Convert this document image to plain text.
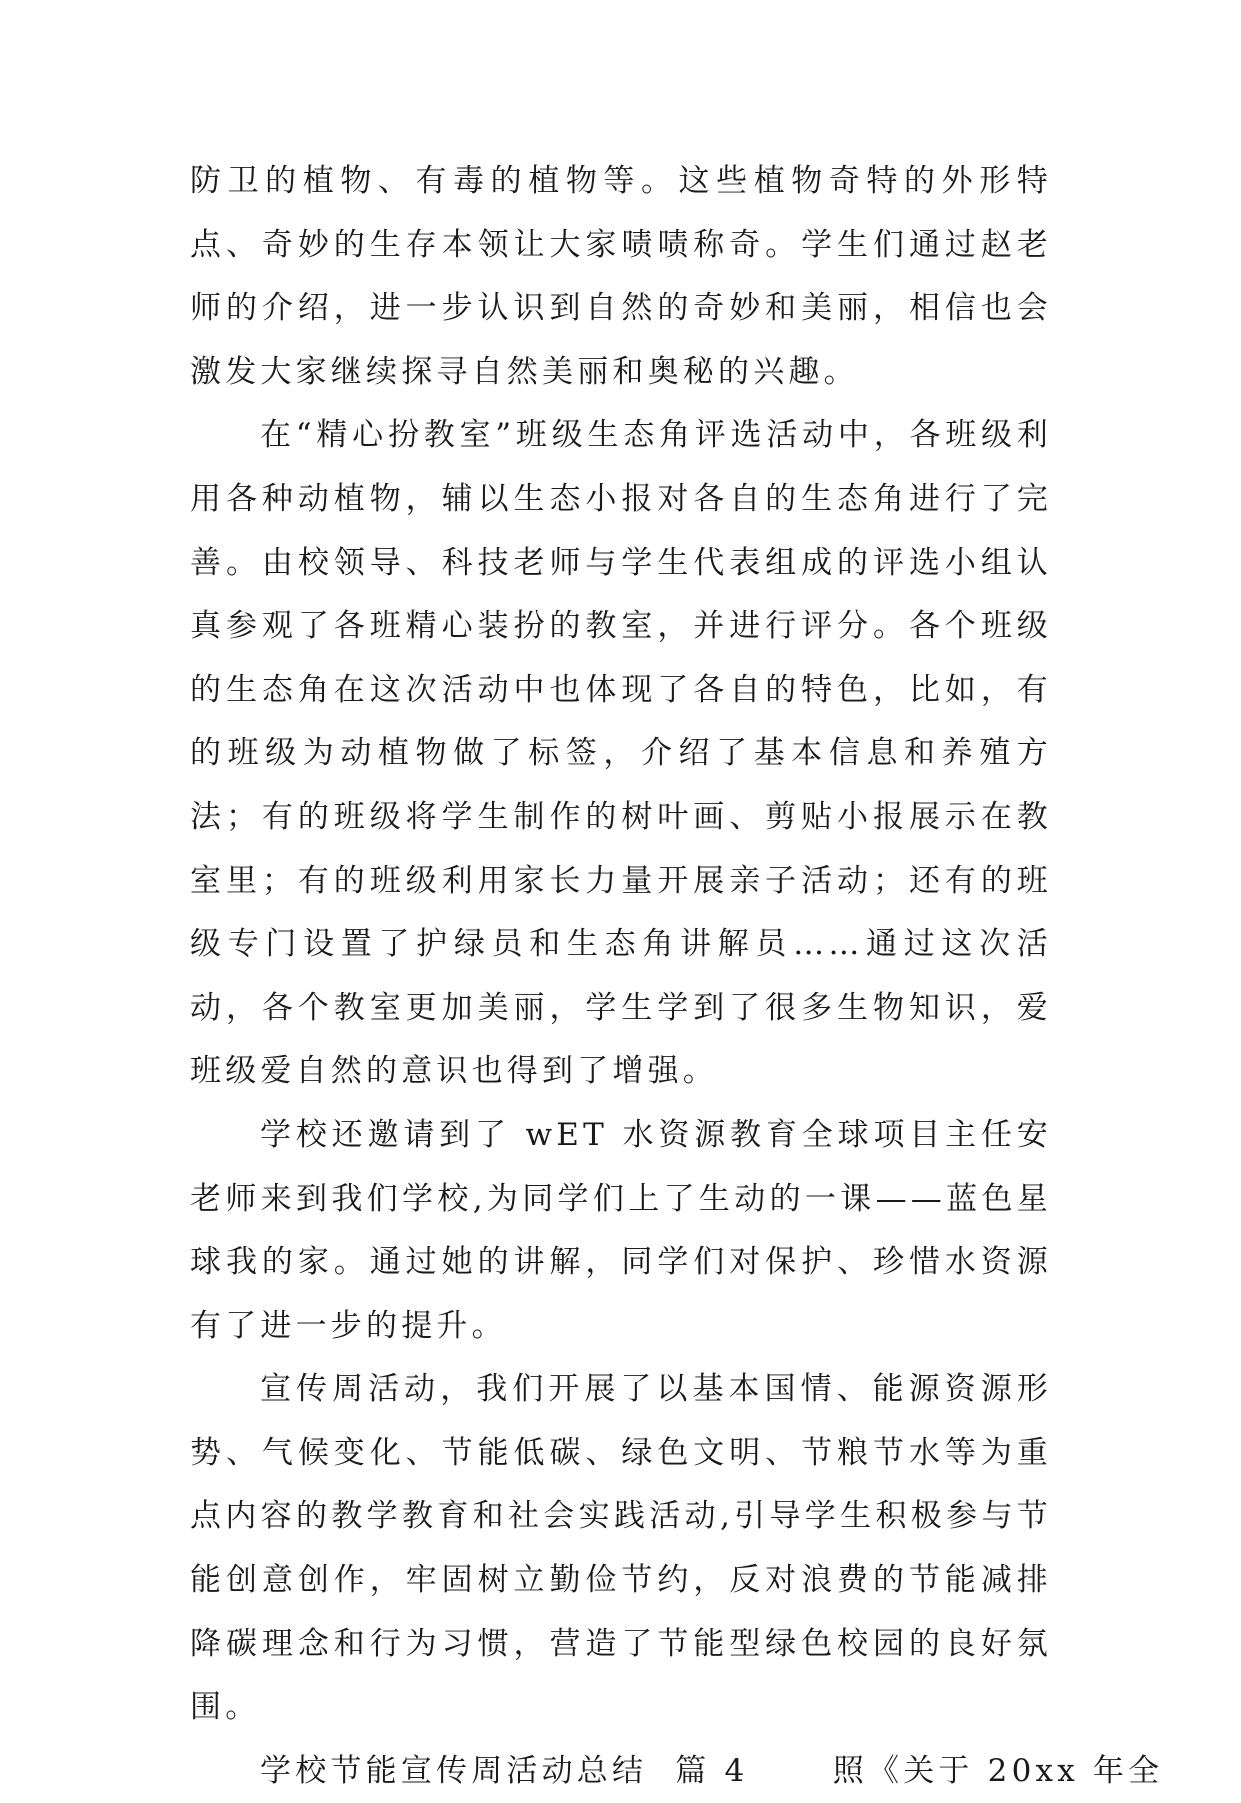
防卫的植物、有毒的植物等。这些植物奇特的外形特点、奇妙的生存本领让大家啧啧称奇。学生们通过赵老师的介绍，进一步认识到自然的奇妙和美丽，相信也会激发大家继续探寻自然美丽和奥秘的兴趣。

在“精心扮教室”班级生态角评选活动中，各班级利用各种动植物，辅以生态小报对各自的生态角进行了完善。由校领导、科技老师与学生代表组成的评选小组认真参观了各班精心装扮的教室，并进行评分。各个班级的生态角在这次活动中也体现了各自的特色，比如，有的班级为动植物做了标签，介绍了基本信息和养殖方法；有的班级将学生制作的树叶画、剪贴小报展示在教室里；有的班级利用家长力量开展亲子活动；还有的班级专门设置了护绿员和生态角讲解员……通过这次活动，各个教室更加美丽，学生学到了很多生物知识，爱班级爱自然的意识也得到了增强。

学校还邀请到了 wET 水资源教育全球项目主任安老师来到我们学校,为同学们上了生动的一课——蓝色星球我的家。通过她的讲解，同学们对保护、珍惜水资源有了进一步的提升。

宣传周活动，我们开展了以基本国情、能源资源形势、气候变化、节能低碳、绿色文明、节粮节水等为重点内容的教学教育和社会实践活动,引导学生积极参与节能创意创作，牢固树立勤俭节约，反对浪费的节能减排降碳理念和行为习惯，营造了节能型绿色校园的良好氛围。

学校节能宣传周活动总结  篇 4      照《关于 20xx 年全
